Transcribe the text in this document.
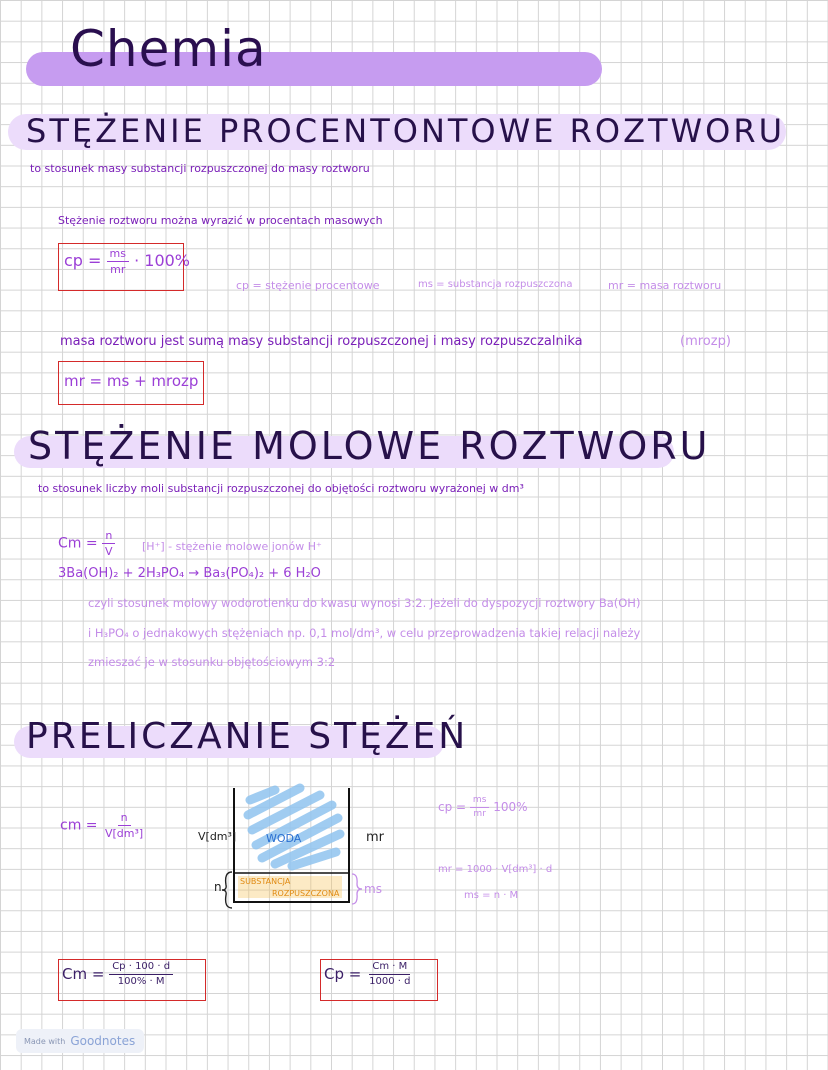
Chemia
STĘŻENIE PROCENTONTOWE ROZTWORU
to stosunek masy substancji rozpuszczonej do masy roztworu
Stężenie roztworu można wyrazić w procentach masowych
cp = $\frac{ms}{mr} \cdot 100\%$
cp = stężenie procentowe	ms = substancja rozpuszczona	mr = masa roztworu
masa roztworu jest sumą masy substancji rozpuszczonej i masy rozpuszczalnika	(mrozp)
mr = ms + mrozp
STĘŻENIE MOLOWE ROZTWORU
to stosunek liczby moli substancji rozpuszczonej do objętości roztworu wyrażonej w dm³
$Cm = \frac{n}{V} [H^+]$ - stężenie molowe jonów H⁺
3Ba(OH)₂ + 2H₃PO₄ → Ba₃(PO₄)₂ + 6 H₂O
czyli stosunek molowy wodorotlenku do kwasu wynosi 3:2. Jeżeli do dyspozycji roztwory Ba(OH)
i H₃PO₄ o jednakowych stężeniach np. 0,1 mol/dm³, w celu przeprowadzenia takiej relacji należy
zmieszać je w stosunku objętościowym 3:2
PRELICZANIE STĘŻEŃ
cm = $\frac{n}{\text{V[dm³]}}$	V[dm³]	WODA	mr
n SUBSTANCJA
ROZPUSZCZONA ms
cp = $\frac{ms}{mr} 100\%$
mr = 1000 · V[dm³] · d
ms = n · M
$Cm = \frac{Cp \cdot 100 \cdot d}{100\% \cdot M}$	$Cp = \frac{Cm \cdot M}{1000 \cdot d}$
Made with Goodnotes
